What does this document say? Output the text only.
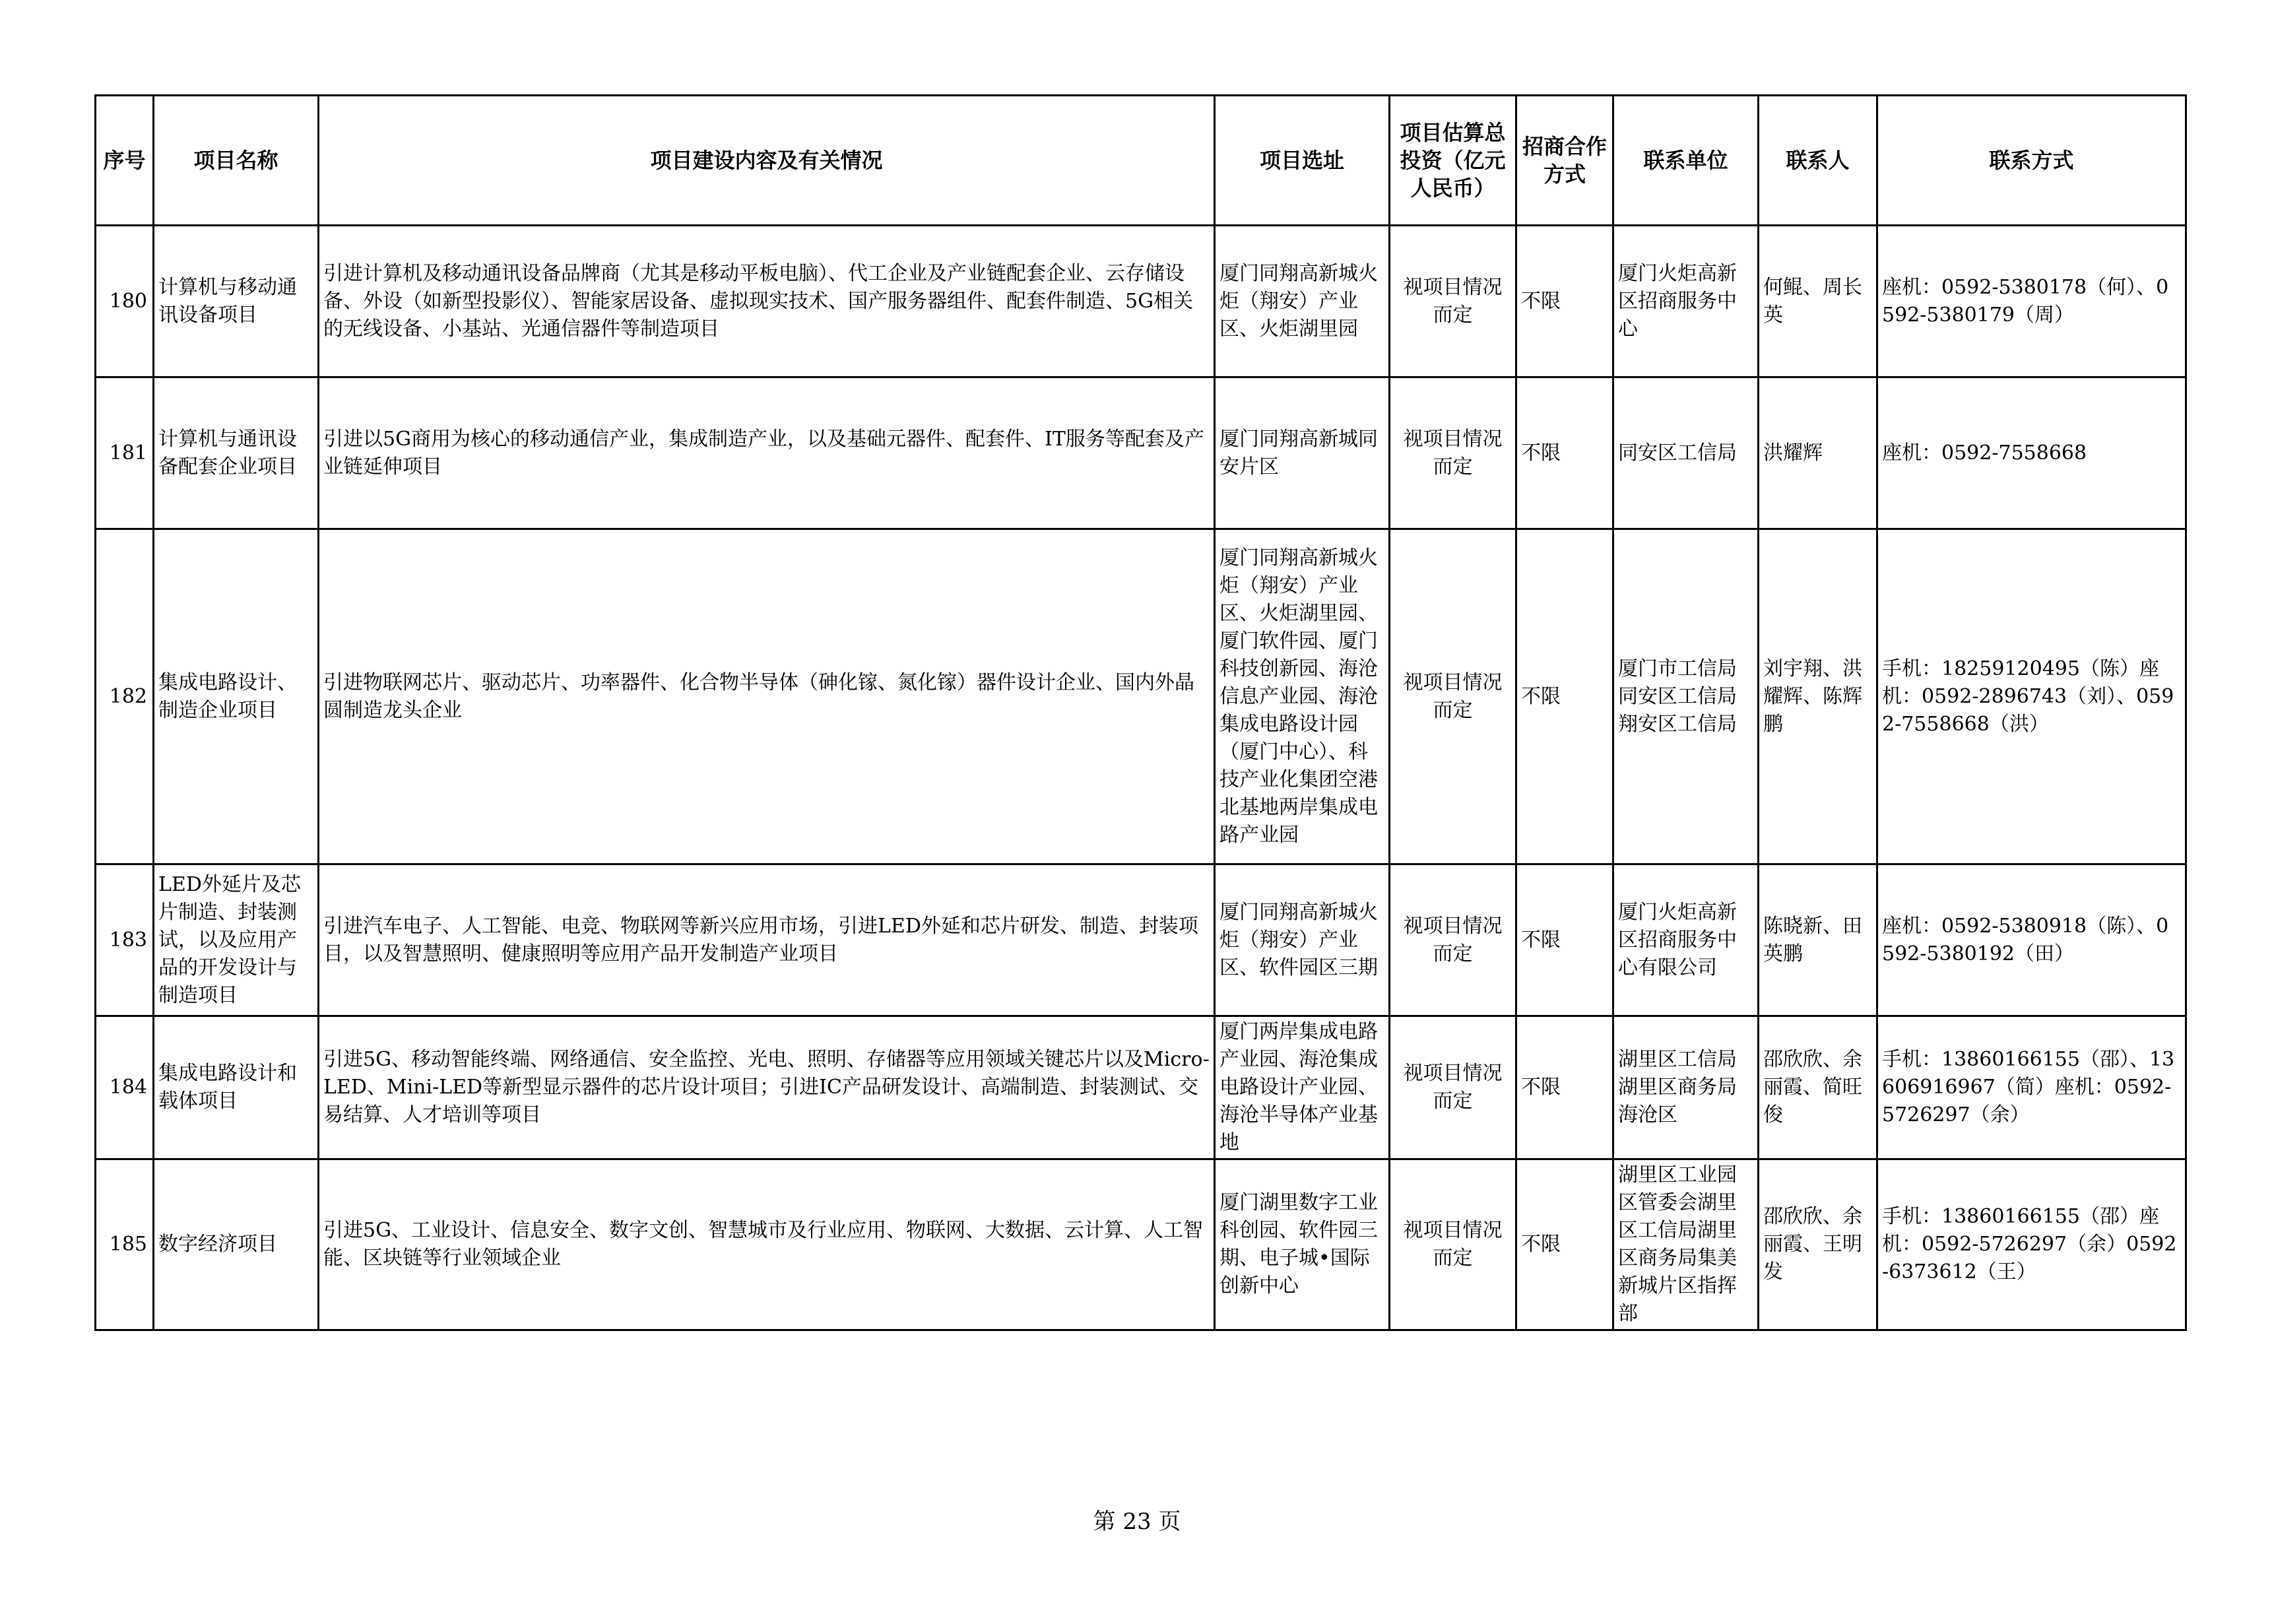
序号	项目名称	项目建设内容及有关情况	项目选址	项目估算总投资（亿元人民币）	招商合作方式	联系单位	联系人	联系方式
180	计算机与移动通讯设备项目	引进计算机及移动通讯设备品牌商（尤其是移动平板电脑）、代工企业及产业链配套企业、云存储设备、外设（如新型投影仪）、智能家居设备、虚拟现实技术、国产服务器组件、配套件制造、5G相关的无线设备、小基站、光通信器件等制造项目	厦门同翔高新城火炬（翔安）产业区、火炬湖里园	视项目情况而定	不限	厦门火炬高新区招商服务中心	何鲲、周长英	座机：0592-5380178（何）、0592-5380179（周）
181	计算机与通讯设备配套企业项目	引进以5G商用为核心的移动通信产业，集成制造产业，以及基础元器件、配套件、IT服务等配套及产业链延伸项目	厦门同翔高新城同安片区	视项目情况而定	不限	同安区工信局	洪耀辉	座机：0592-7558668
182	集成电路设计、制造企业项目	引进物联网芯片、驱动芯片、功率器件、化合物半导体（砷化镓、氮化镓）器件设计企业、国内外晶圆制造龙头企业	厦门同翔高新城火炬（翔安）产业区、火炬湖里园、厦门软件园、厦门科技创新园、海沧信息产业园、海沧集成电路设计园（厦门中心）、科技产业化集团空港北基地两岸集成电路产业园	视项目情况而定	不限	厦门市工信局同安区工信局翔安区工信局	刘宇翔、洪耀辉、陈辉鹏	手机：18259120495（陈）座机：0592-2896743（刘）、0592-7558668（洪）
183	LED外延片及芯片制造、封装测试，以及应用产品的开发设计与制造项目	引进汽车电子、人工智能、电竞、物联网等新兴应用市场，引进LED外延和芯片研发、制造、封装项目，以及智慧照明、健康照明等应用产品开发制造产业项目	厦门同翔高新城火炬（翔安）产业区、软件园区三期	视项目情况而定	不限	厦门火炬高新区招商服务中心有限公司	陈晓新、田英鹏	座机：0592-5380918（陈）、0592-5380192（田）
184	集成电路设计和载体项目	引进5G、移动智能终端、网络通信、安全监控、光电、照明、存储器等应用领域关键芯片以及Micro-LED、Mini-LED等新型显示器件的芯片设计项目；引进IC产品研发设计、高端制造、封装测试、交易结算、人才培训等项目	厦门两岸集成电路产业园、海沧集成电路设计产业园、海沧半导体产业基地	视项目情况而定	不限	湖里区工信局湖里区商务局海沧区	邵欣欣、余丽霞、简旺俊	手机：13860166155（邵）、13606916967（简）座机：0592-5726297（余）
185	数字经济项目	引进5G、工业设计、信息安全、数字文创、智慧城市及行业应用、物联网、大数据、云计算、人工智能、区块链等行业领域企业	厦门湖里数字工业科创园、软件园三期、电子城•国际创新中心	视项目情况而定	不限	湖里区工业园区管委会湖里区工信局湖里区商务局集美新城片区指挥部	邵欣欣、余丽霞、王明发	手机：13860166155（邵）座机：0592-5726297（余）0592-6373612（王）
第 23 页
